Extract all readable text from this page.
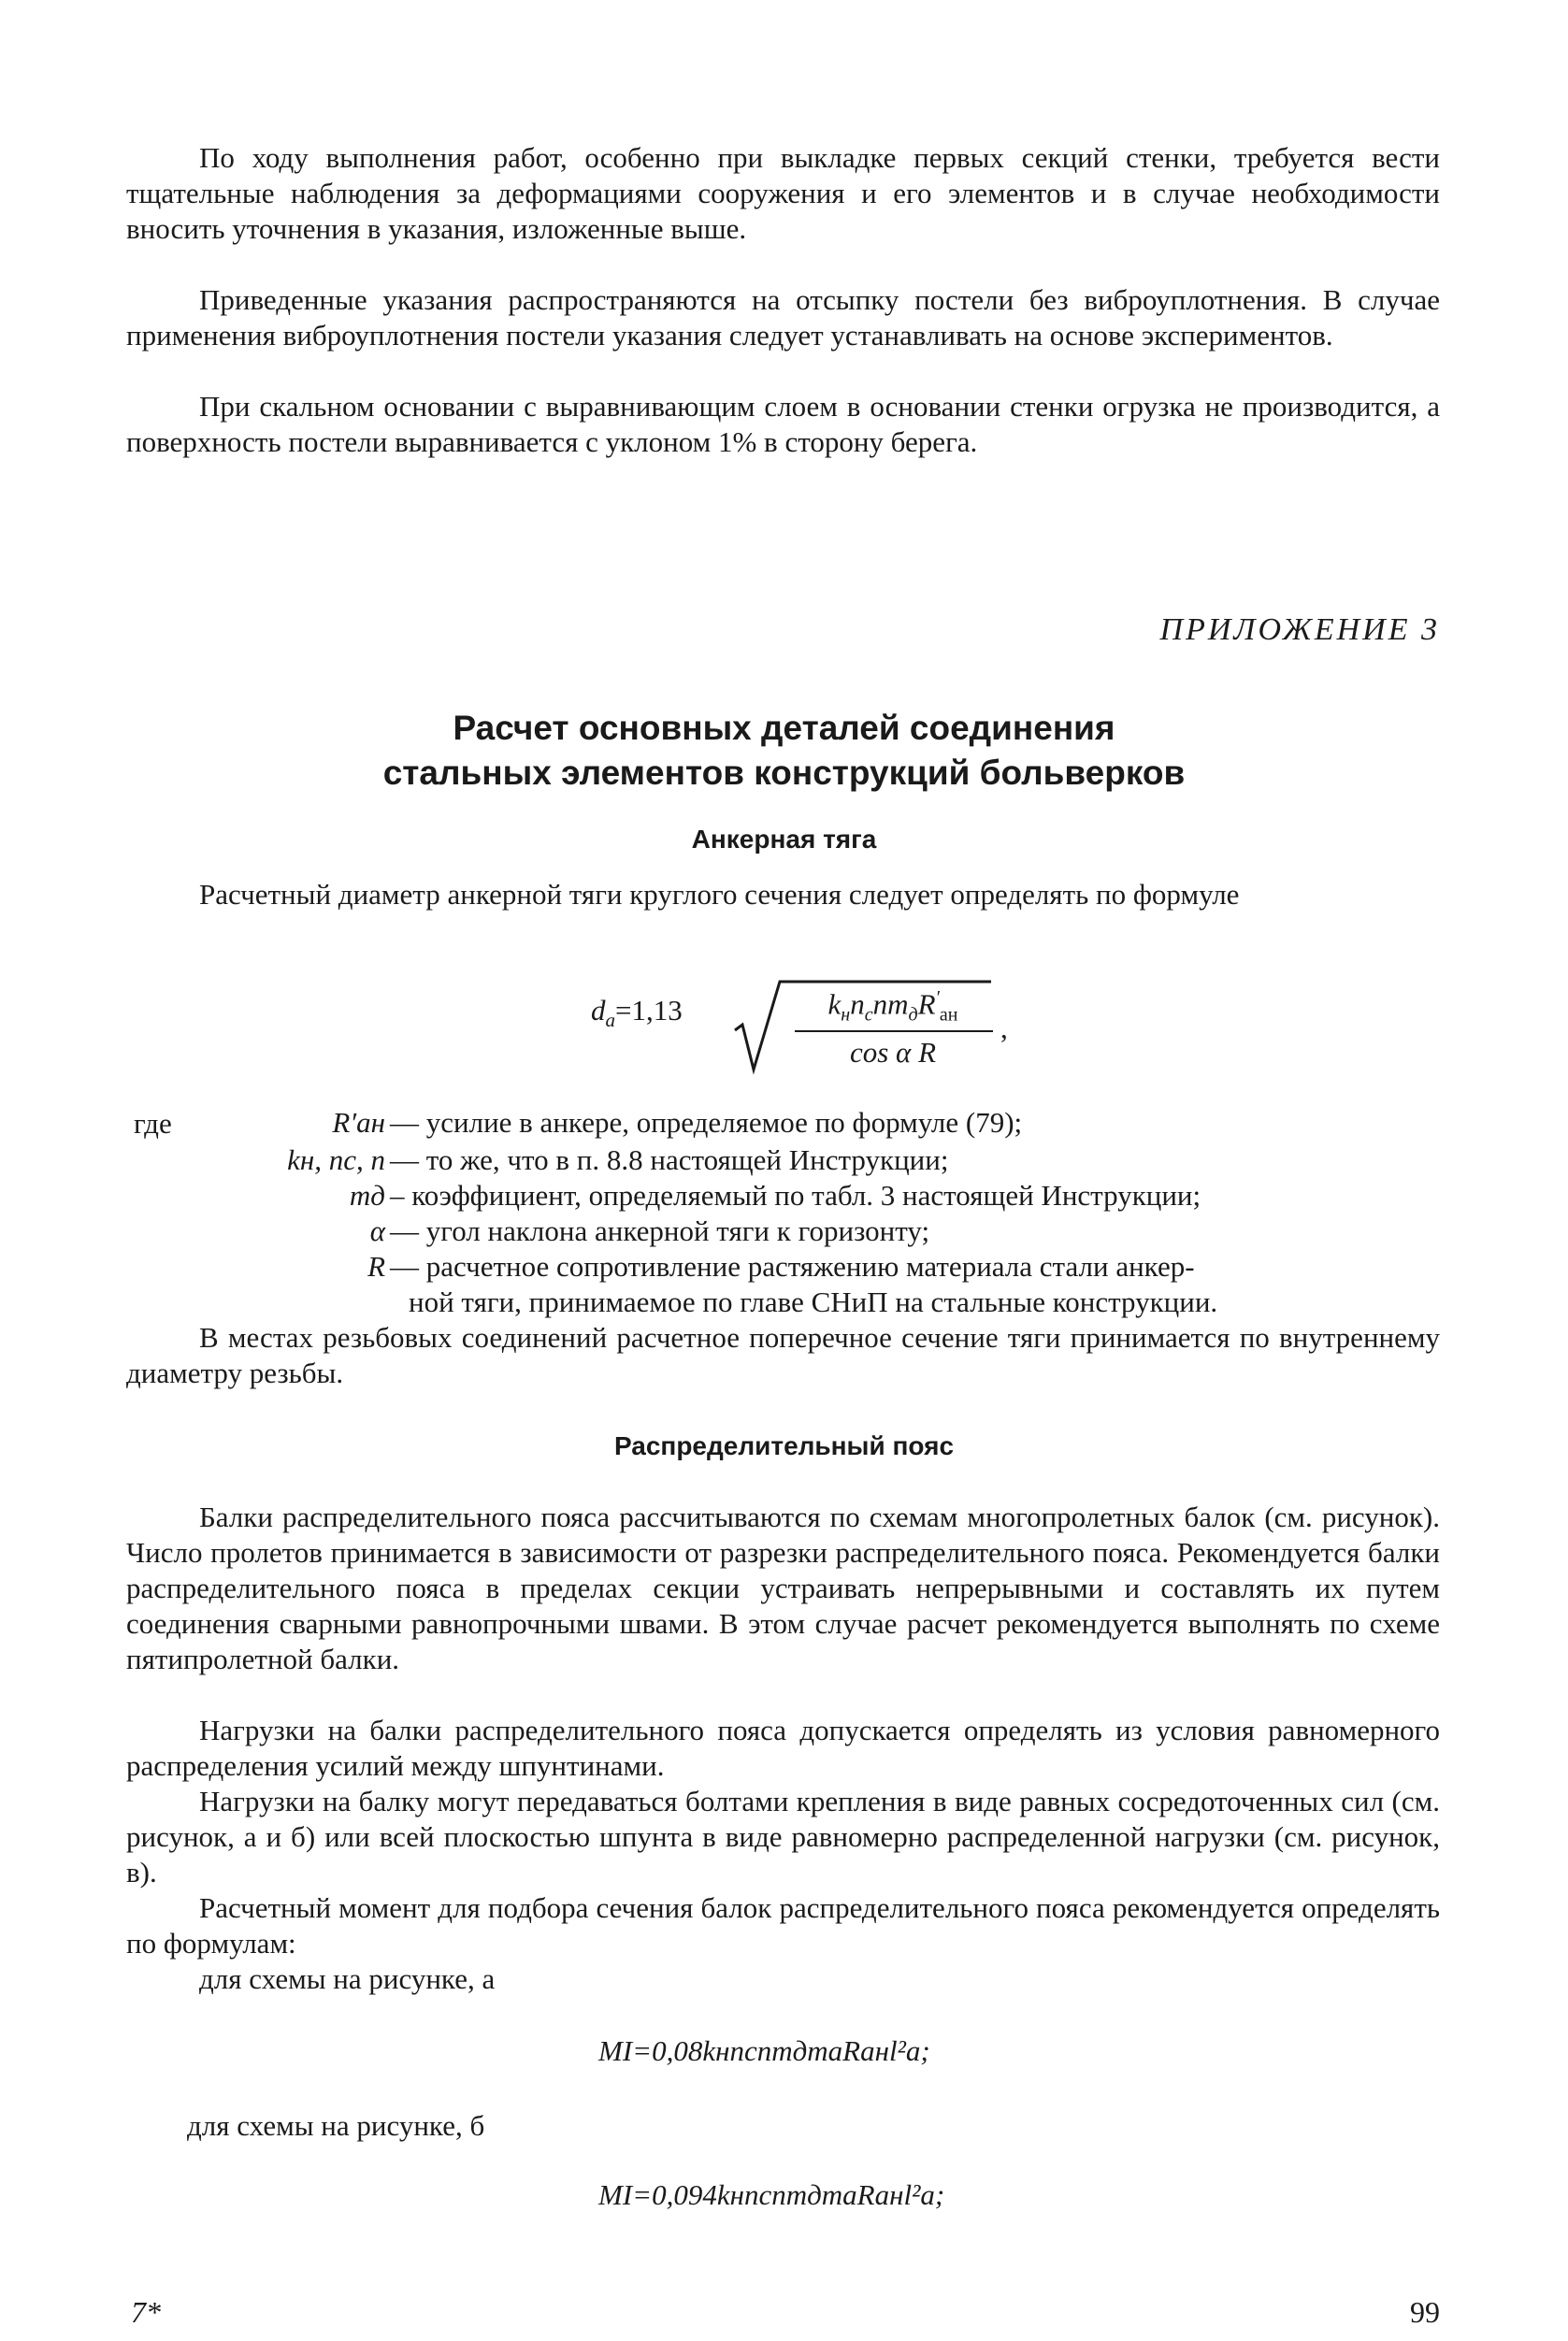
По ходу выполнения работ, особенно при выкладке первых секций стенки, требуется вести тщательные наблюдения за деформациями сооружения и его элементов и в случае необходимости вносить уточнения в указания, изложенные выше.

Приведенные указания распространяются на отсыпку постели без виброуплотнения. В случае применения виброуплотнения постели указания следует устанавливать на основе экспериментов.

При скальном основании с выравнивающим слоем в основании стенки огрузка не производится, а поверхность постели выравнивается с уклоном 1% в сторону берега.

ПРИЛОЖЕНИЕ 3
Расчет основных деталей соединения
стальных элементов конструкций больверков
Анкерная тяга

Расчетный диаметр анкерной тяги круглого сечения следует определять по формуле

$d_а=1,13$	$k_нn_сnm_дR'_{ан}$
cos α R
,
где	R′ан — усилие в анкере, определяемое по формуле (79);
kн, nс, n — то же, что в п. 8.8 настоящей Инструкции;
mд – коэффициент, определяемый по табл. 3 настоящей Инструкции;
α — угол наклона анкерной тяги к горизонту;
R — расчетное сопротивление растяжению материала стали анкер-
ной тяги, принимаемое по главе СНиП на стальные конструкции.

В местах резьбовых соединений расчетное поперечное сечение тяги принимается по внутреннему диаметру резьбы.

Распределительный пояс

Балки распределительного пояса рассчитываются по схемам многопролетных балок (см. рисунок). Число пролетов принимается в зависимости от разрезки распределительного пояса. Рекомендуется балки распределительного пояса в пределах секции устраивать непрерывными и составлять их путем соединения сварными равнопрочными швами. В этом случае расчет рекомендуется выполнять по схеме пятипролетной балки.

Нагрузки на балки распределительного пояса допускается определять из условия равномерного распределения усилий между шпунтинами.

Нагрузки на балку могут передаваться болтами крепления в виде равных сосредоточенных сил (см. рисунок, а и б) или всей плоскостью шпунта в виде равномерно распределенной нагрузки (см. рисунок, в).

Расчетный момент для подбора сечения балок распределительного пояса рекомендуется определять по формулам:

для схемы на рисунке, а
MI=0,08kнnсnmдmаRанl²а;
для схемы на рисунке, б
MI=0,094kнnсnmдmаRанl²а;
7*	99
